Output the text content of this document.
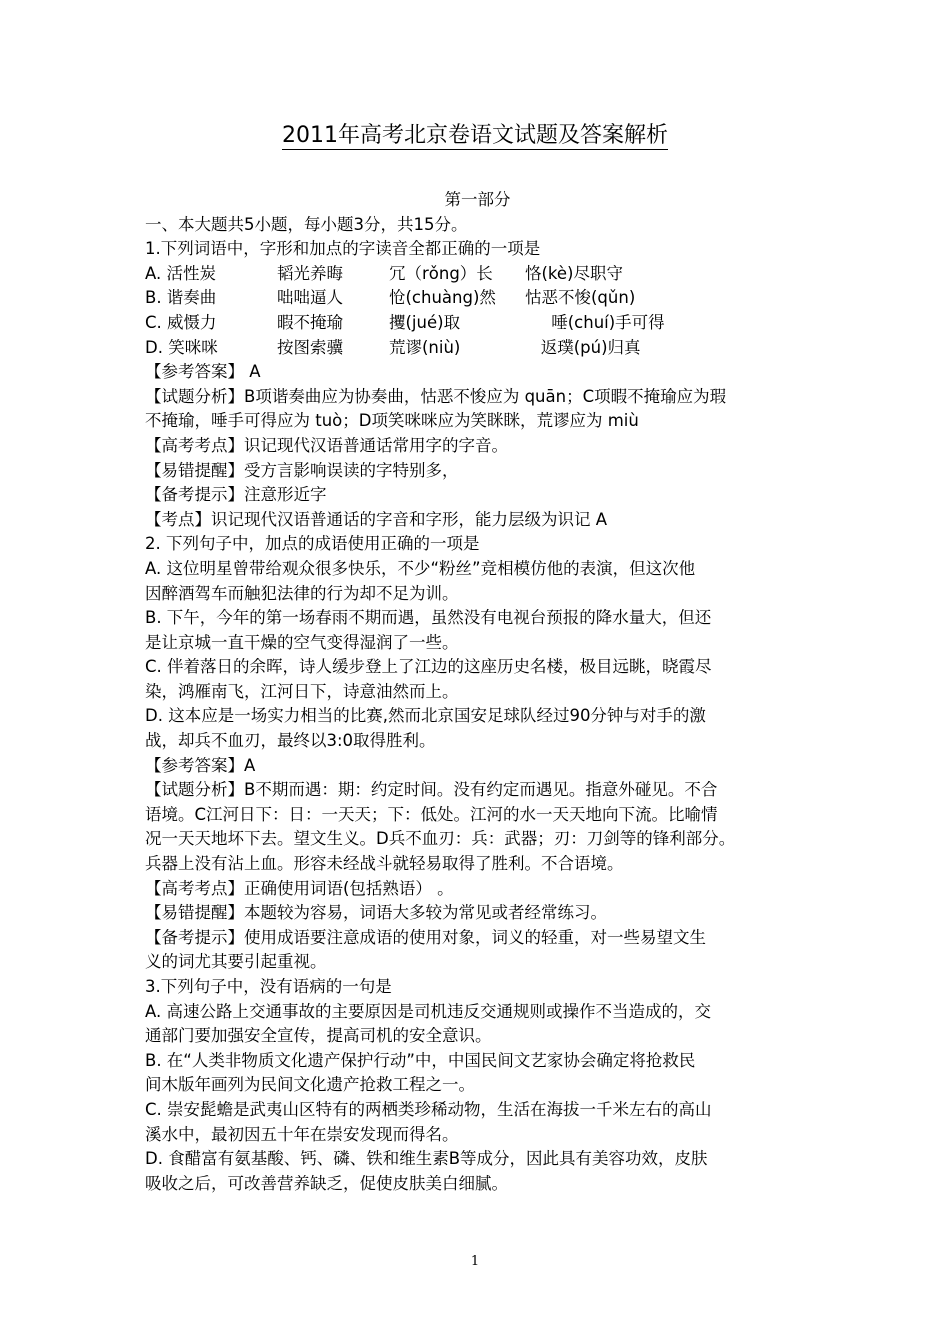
2011年高考北京卷语文试题及答案解析
第一部分
一、本大题共5小题，每小题3分，共15分。
1.下列词语中，字形和加点的字读音全都正确的一项是
A. 活性炭	韬光养晦	冗（rǒng）长	恪(kè)尽职守
B. 谐奏曲	咄咄逼人	怆(chuàng)然	怙恶不悛(qǔn)
C. 威慑力	暇不掩瑜	攫(jué)取	唾(chuí)手可得
D. 笑咪咪	按图索骥	荒谬(niù)	返璞(pú)归真
【参考答案】 A
【试题分析】B项谐奏曲应为协奏曲，怙恶不悛应为 quān；C项暇不掩瑜应为瑕
不掩瑜，唾手可得应为 tuò；D项笑咪咪应为笑眯眯，荒谬应为 miù
【高考考点】识记现代汉语普通话常用字的字音。
【易错提醒】受方言影响误读的字特别多，
【备考提示】注意形近字
【考点】识记现代汉语普通话的字音和字形，能力层级为识记 A
2. 下列句子中，加点的成语使用正确的一项是
A. 这位明星曾带给观众很多快乐，不少“粉丝”竞相模仿他的表演，但这次他
因醉酒驾车而触犯法律的行为却不足为训。
B. 下午，今年的第一场春雨不期而遇，虽然没有电视台预报的降水量大，但还
是让京城一直干燥的空气变得湿润了一些。
C. 伴着落日的余晖，诗人缓步登上了江边的这座历史名楼，极目远眺，晓霞尽
染，鸿雁南飞，江河日下，诗意油然而上。
D. 这本应是一场实力相当的比赛,然而北京国安足球队经过90分钟与对手的激
战，却兵不血刃，最终以3:0取得胜利。
【参考答案】A
【试题分析】B不期而遇：期：约定时间。没有约定而遇见。指意外碰见。不合
语境。C江河日下：日：一天天；下：低处。江河的水一天天地向下流。比喻情
况一天天地坏下去。望文生义。D兵不血刃：兵：武器；刃：刀剑等的锋利部分。
兵器上没有沾上血。形容未经战斗就轻易取得了胜利。不合语境。
【高考考点】正确使用词语(包括熟语） 。
【易错提醒】本题较为容易，词语大多较为常见或者经常练习。
【备考提示】使用成语要注意成语的使用对象，词义的轻重，对一些易望文生
义的词尤其要引起重视。
3.下列句子中，没有语病的一句是
A. 高速公路上交通事故的主要原因是司机违反交通规则或操作不当造成的，交
通部门要加强安全宣传，提高司机的安全意识。
B. 在“人类非物质文化遗产保护行动”中，中国民间文艺家协会确定将抢救民
间木版年画列为民间文化遗产抢救工程之一。
C. 崇安髭蟾是武夷山区特有的两栖类珍稀动物，生活在海拔一千米左右的高山
溪水中，最初因五十年在崇安发现而得名。
D. 食醋富有氨基酸、钙、磷、铁和维生素B等成分，因此具有美容功效，皮肤
吸收之后，可改善营养缺乏，促使皮肤美白细腻。
1
